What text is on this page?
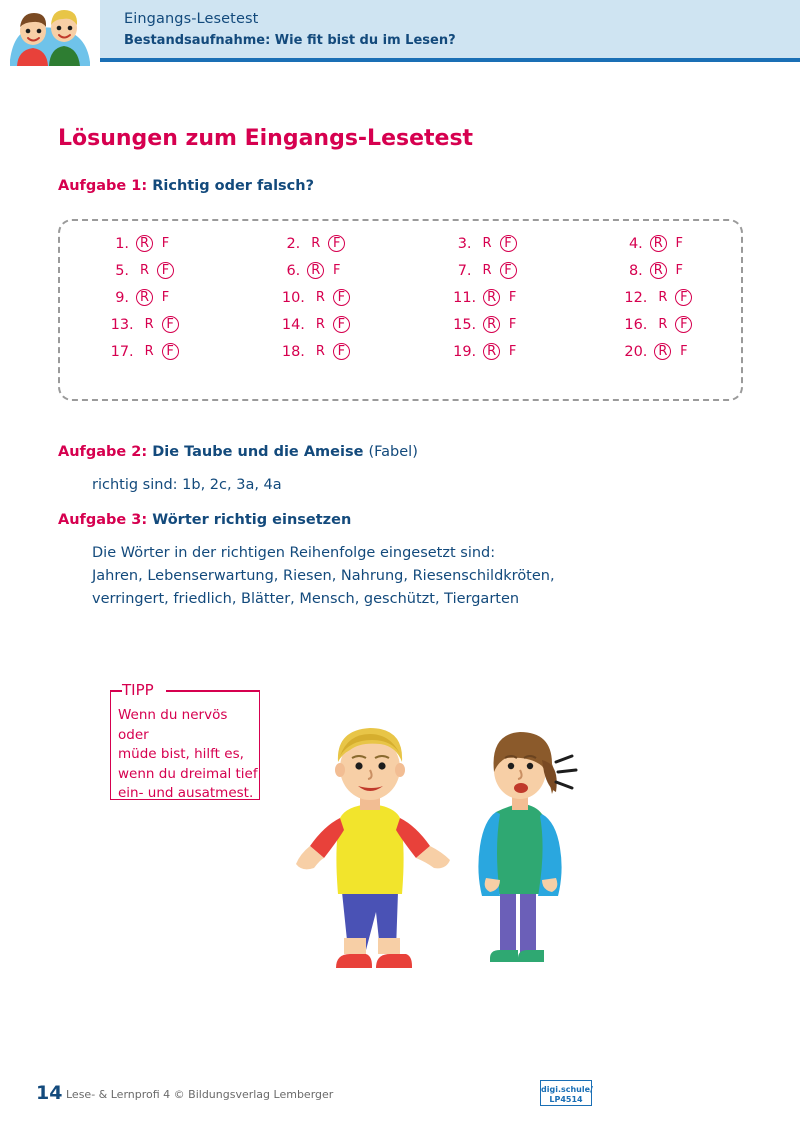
Eingangs-Lesetest
Bestandsaufnahme: Wie fit bist du im Lesen?
Lösungen zum Eingangs-Lesetest
Aufgabe 1: Richtig oder falsch?
1. R F	2. R F	3. R F	4. R F
5. R F	6. R F	7. R F	8. R F
9. R F	10. R F	11. R F	12. R F
13. R F	14. R F	15. R F	16. R F
17. R F	18. R F	19. R F	20. R F
Aufgabe 2: Die Taube und die Ameise (Fabel)
richtig sind: 1b, 2c, 3a, 4a
Aufgabe 3: Wörter richtig einsetzen
Die Wörter in der richtigen Reihenfolge eingesetzt sind:
Jahren, Lebenserwartung, Riesen, Nahrung, Riesenschildkröten,
verringert, friedlich, Blätter, Mensch, geschützt, Tiergarten
TIPP
Wenn du nervös oder
müde bist, hilft es,
wenn du dreimal tief
ein- und ausatmest.
14 Lese- & Lernprofi 4 © Bildungsverlag Lemberger	digi.schule/
LP4514
